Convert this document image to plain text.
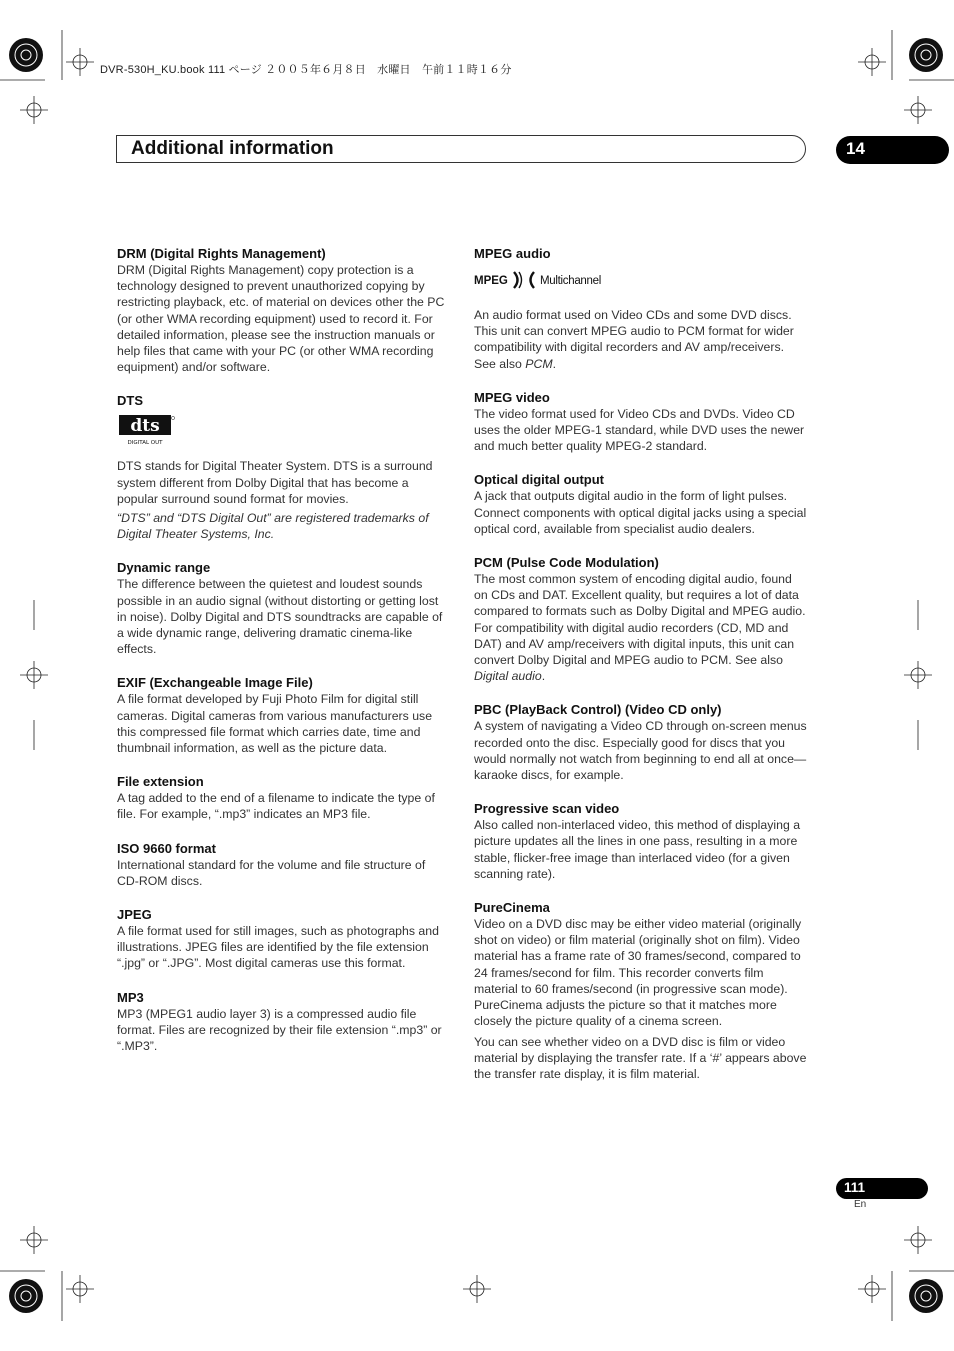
DVR-530H_KU.book 111 ページ ２００５年６月８日　水曜日　午前１１時１６分
Additional information	14
DRM (Digital Rights Management)

DRM (Digital Rights Management) copy protection is a technology designed to prevent unauthorized copying by restricting playback, etc. of material on devices other the PC (or other WMA recording equipment) used to record it. For detailed information, please see the instruction manuals or help files that came with your PC (or other WMA recording equipment) and/or software.

DTS
dts
DIGITAL OUT

DTS stands for Digital Theater System. DTS is a surround system different from Dolby Digital that has become a popular surround sound format for movies.

“DTS” and “DTS Digital Out” are registered trademarks of Digital Theater Systems, Inc.
Dynamic range

The difference between the quietest and loudest sounds possible in an audio signal (without distorting or getting lost in noise). Dolby Digital and DTS soundtracks are capable of a wide dynamic range, delivering dramatic cinema-like effects.

EXIF (Exchangeable Image File)

A file format developed by Fuji Photo Film for digital still cameras. Digital cameras from various manufacturers use this compressed file format which carries date, time and thumbnail information, as well as the picture data.

File extension

A tag added to the end of a filename to indicate the type of file. For example, “.mp3” indicates an MP3 file.

ISO 9660 format

International standard for the volume and file structure of CD-ROM discs.

JPEG

A file format used for still images, such as photographs and illustrations. JPEG files are identified by the file extension “.jpg” or “.JPG”. Most digital cameras use this format.

MP3

MP3 (MPEG1 audio layer 3) is a compressed audio file format. Files are recognized by their file extension “.mp3” or “.MP3”.

MPEG audio
MPEG	Multichannel

An audio format used on Video CDs and some DVD discs. This unit can convert MPEG audio to PCM format for wider compatibility with digital recorders and AV amp/receivers. See also PCM.

MPEG video

The video format used for Video CDs and DVDs. Video CD uses the older MPEG-1 standard, while DVD uses the newer and much better quality MPEG-2 standard.

Optical digital output

A jack that outputs digital audio in the form of light pulses. Connect components with optical digital jacks using a special optical cord, available from specialist audio dealers.

PCM (Pulse Code Modulation)

The most common system of encoding digital audio, found on CDs and DAT. Excellent quality, but requires a lot of data compared to formats such as Dolby Digital and MPEG audio. For compatibility with digital audio recorders (CD, MD and DAT) and AV amp/receivers with digital inputs, this unit can convert Dolby Digital and MPEG audio to PCM. See also Digital audio.

PBC (PlayBack Control) (Video CD only)

A system of navigating a Video CD through on-screen menus recorded onto the disc. Especially good for discs that you would normally not watch from beginning to end all at once—karaoke discs, for example.

Progressive scan video

Also called non-interlaced video, this method of displaying a picture updates all the lines in one pass, resulting in a more stable, flicker-free image than interlaced video (for a given scanning rate).

PureCinema

Video on a DVD disc may be either video material (originally shot on video) or film material (originally shot on film). Video material has a frame rate of 30 frames/second, compared to 24 frames/second for film. This recorder converts film material to 60 frames/second (in progressive scan mode). PureCinema adjusts the picture so that it matches more closely the picture quality of a cinema screen.

You can see whether video on a DVD disc is film or video material by displaying the transfer rate. If a ‘#’ appears above the transfer rate display, it is film material.

111
En
